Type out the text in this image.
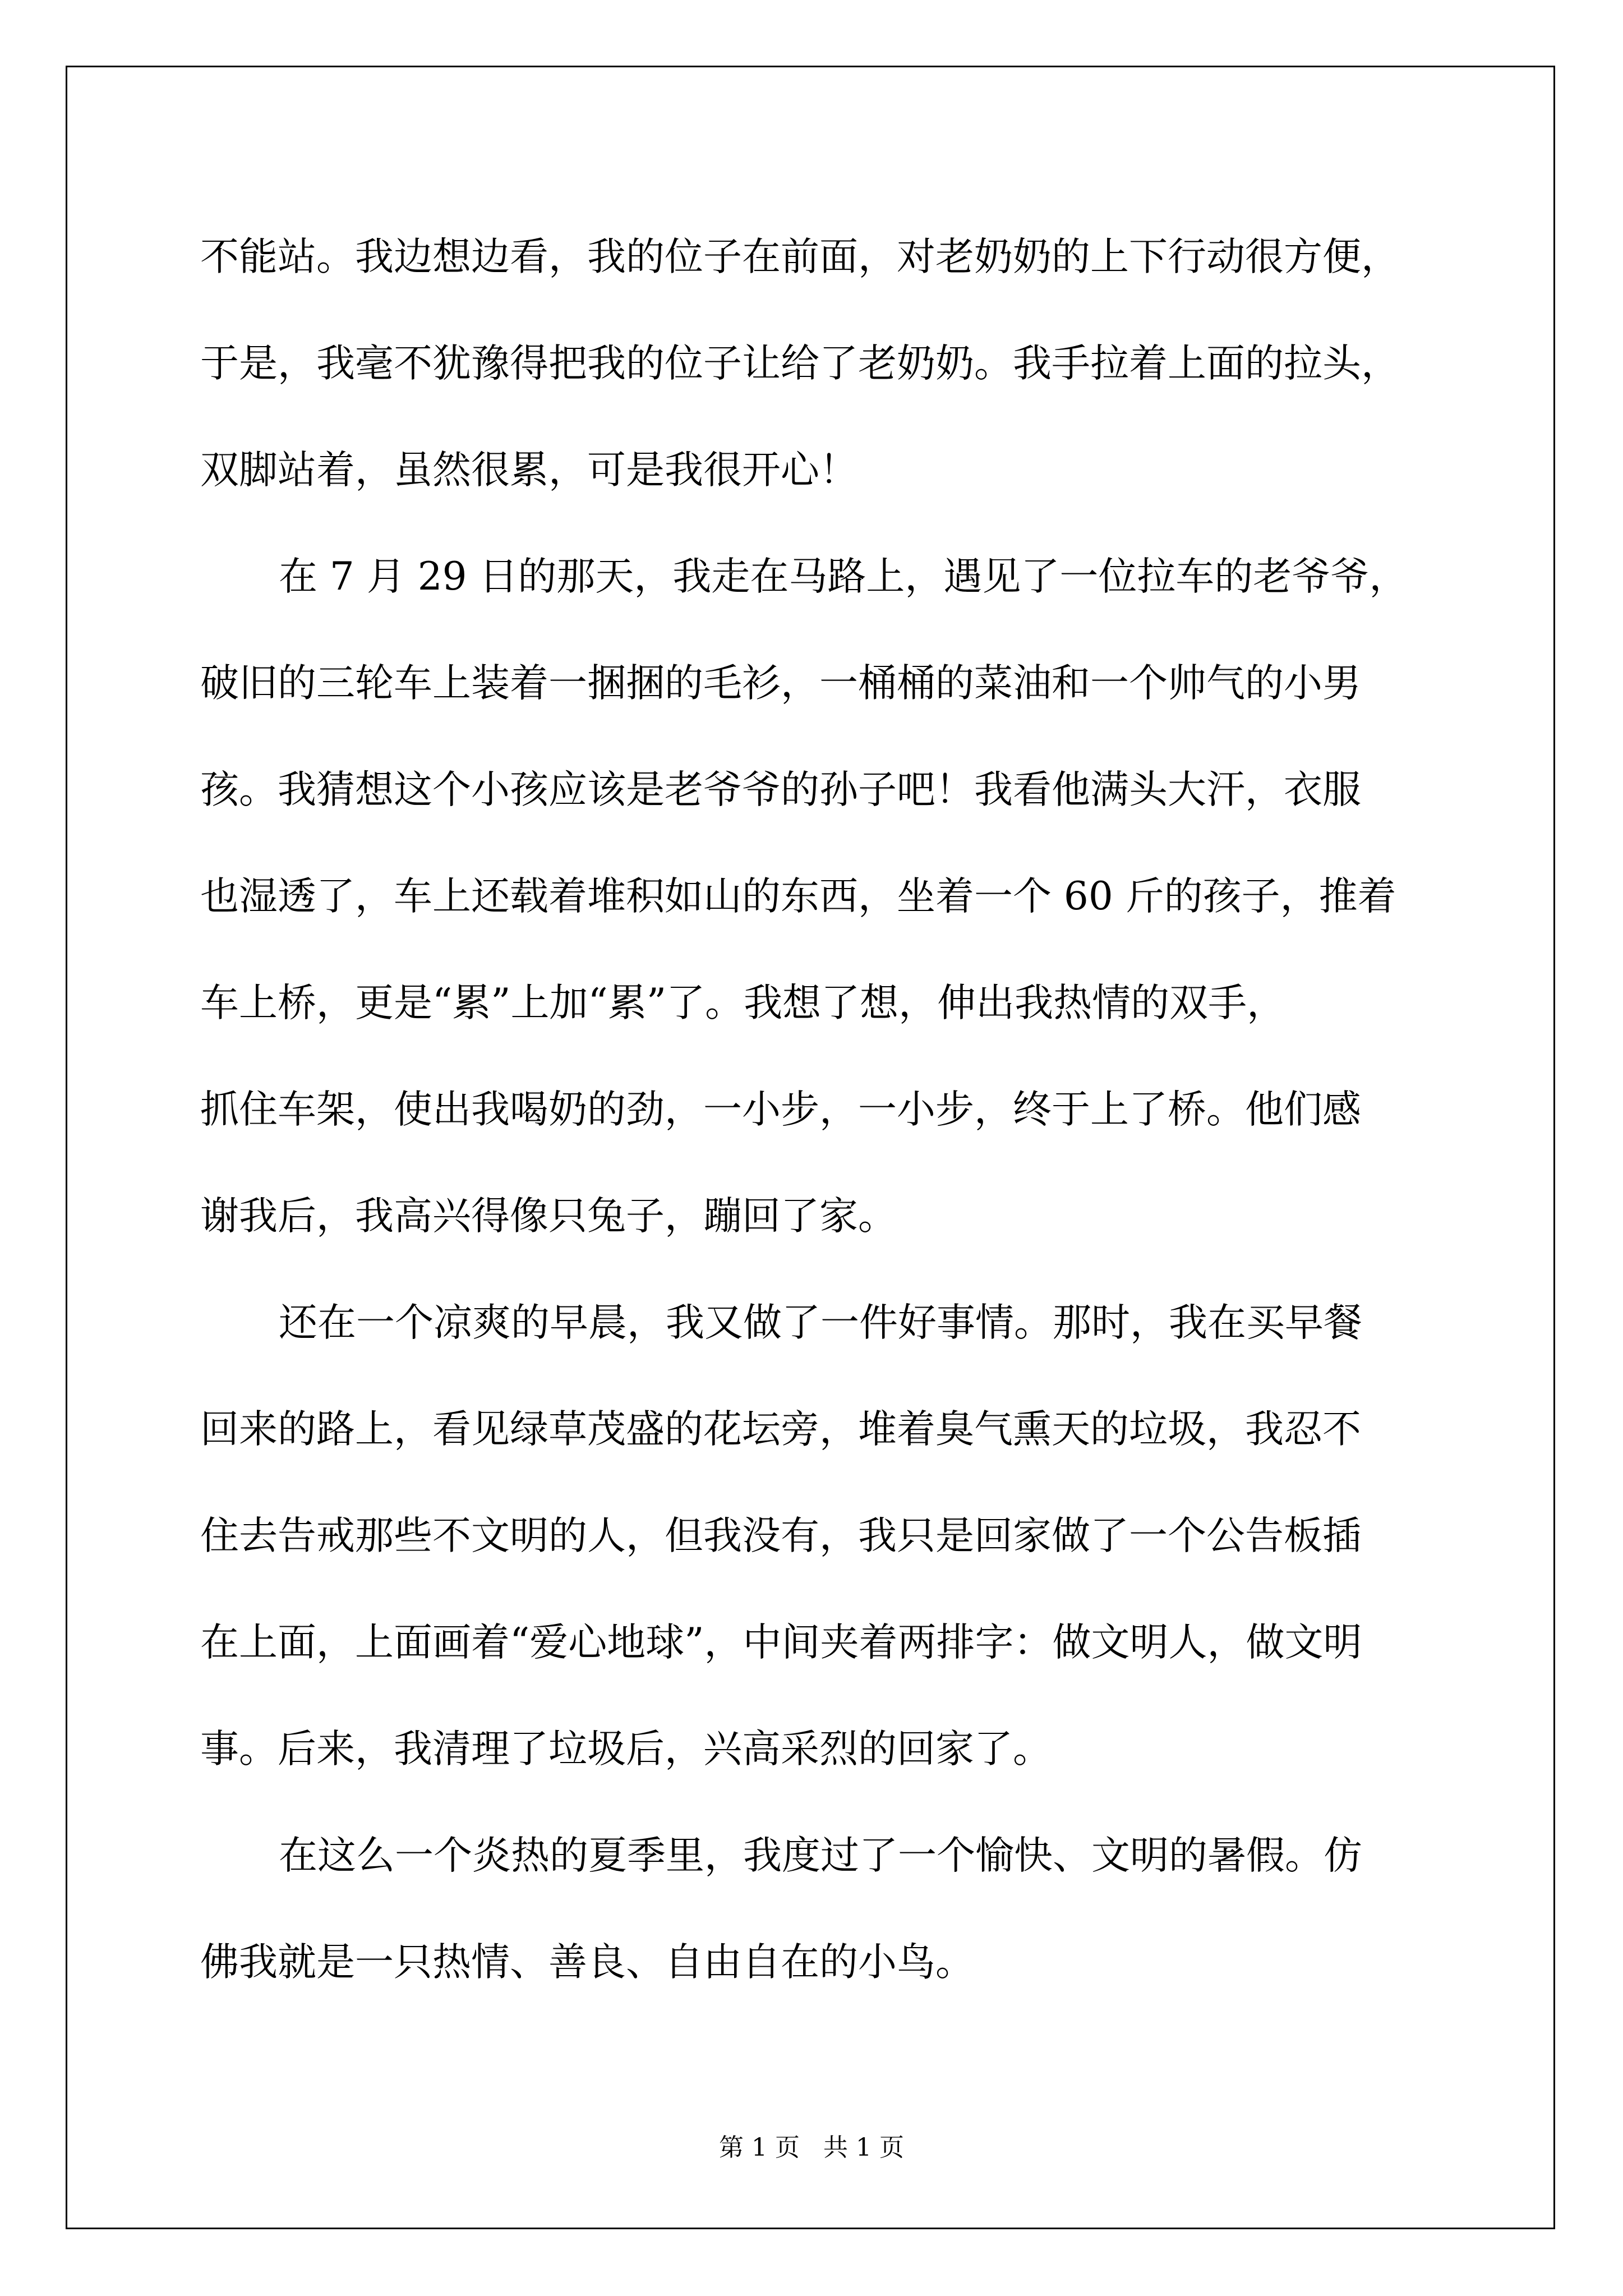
不能站。我边想边看，我的位子在前面，对老奶奶的上下行动很方便，
于是，我毫不犹豫得把我的位子让给了老奶奶。我手拉着上面的拉头，
双脚站着，虽然很累，可是我很开心！

在 7 月 29 日的那天，我走在马路上，遇见了一位拉车的老爷爷，
破旧的三轮车上装着一捆捆的毛衫，一桶桶的菜油和一个帅气的小男
孩。我猜想这个小孩应该是老爷爷的孙子吧！我看他满头大汗，衣服
也湿透了，车上还载着堆积如山的东西，坐着一个 60 斤的孩子，推着
车上桥，更是“累”上加“累”了。我想了想，伸出我热情的双手，
抓住车架，使出我喝奶的劲，一小步，一小步，终于上了桥。他们感
谢我后，我高兴得像只兔子，蹦回了家。

还在一个凉爽的早晨，我又做了一件好事情。那时，我在买早餐
回来的路上，看见绿草茂盛的花坛旁，堆着臭气熏天的垃圾，我忍不
住去告戒那些不文明的人，但我没有，我只是回家做了一个公告板插
在上面，上面画着“爱心地球”，中间夹着两排字：做文明人，做文明
事。后来，我清理了垃圾后，兴高采烈的回家了。

在这么一个炎热的夏季里，我度过了一个愉快、文明的暑假。仿
佛我就是一只热情、善良、自由自在的小鸟。

第 1 页 共 1 页
